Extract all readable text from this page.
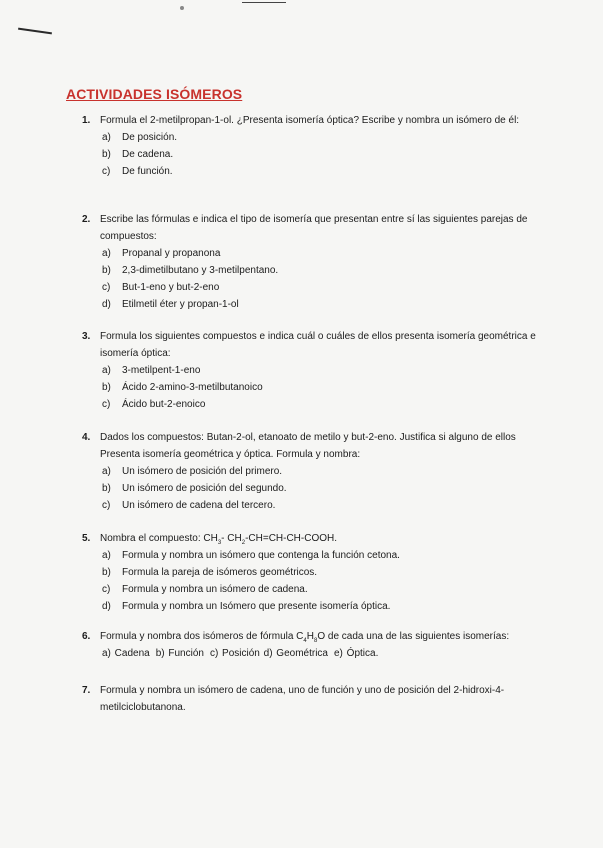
ACTIVIDADES ISÓMEROS
1. Formula el 2-metilpropan-1-ol. ¿Presenta isomería óptica? Escribe y nombra un isómero de él:
a) De posición.
b) De cadena.
c) De función.
2. Escribe las fórmulas e indica el tipo de isomería que presentan entre sí las siguientes parejas de compuestos:
a) Propanal y propanona
b) 2,3-dimetilbutano y 3-metilpentano.
c) But-1-eno y but-2-eno
d) Etilmetil éter y propan-1-ol
3. Formula los siguientes compuestos e indica cuál o cuáles de ellos presenta isomería geométrica e isomería óptica:
a) 3-metilpent-1-eno
b) Ácido 2-amino-3-metilbutanoico
c) Ácido but-2-enoico
4. Dados los compuestos: Butan-2-ol, etanoato de metilo y but-2-eno. Justifica si alguno de ellos Presenta isomería geométrica y óptica. Formula y nombra:
a) Un isómero de posición del primero.
b) Un isómero de posición del segundo.
c) Un isómero de cadena del tercero.
5. Nombra el compuesto: $CH_3-$ $CH_2-CH=CH-CH$-COOH.
a) Formula y nombra un isómero que contenga la función cetona.
b) Formula la pareja de isómeros geométricos.
c) Formula y nombra un isómero de cadena.
d) Formula y nombra un Isómero que presente isomería óptica.
6. Formula y nombra dos isómeros de fórmula $C_4H_8O$ de cada una de las siguientes isomerías:
a) Cadena b) Función c) Posición d) Geométrica e) Óptica.
7. Formula y nombra un isómero de cadena, uno de función y uno de posición del 2-hidroxi-4-metilciclobutanona.
